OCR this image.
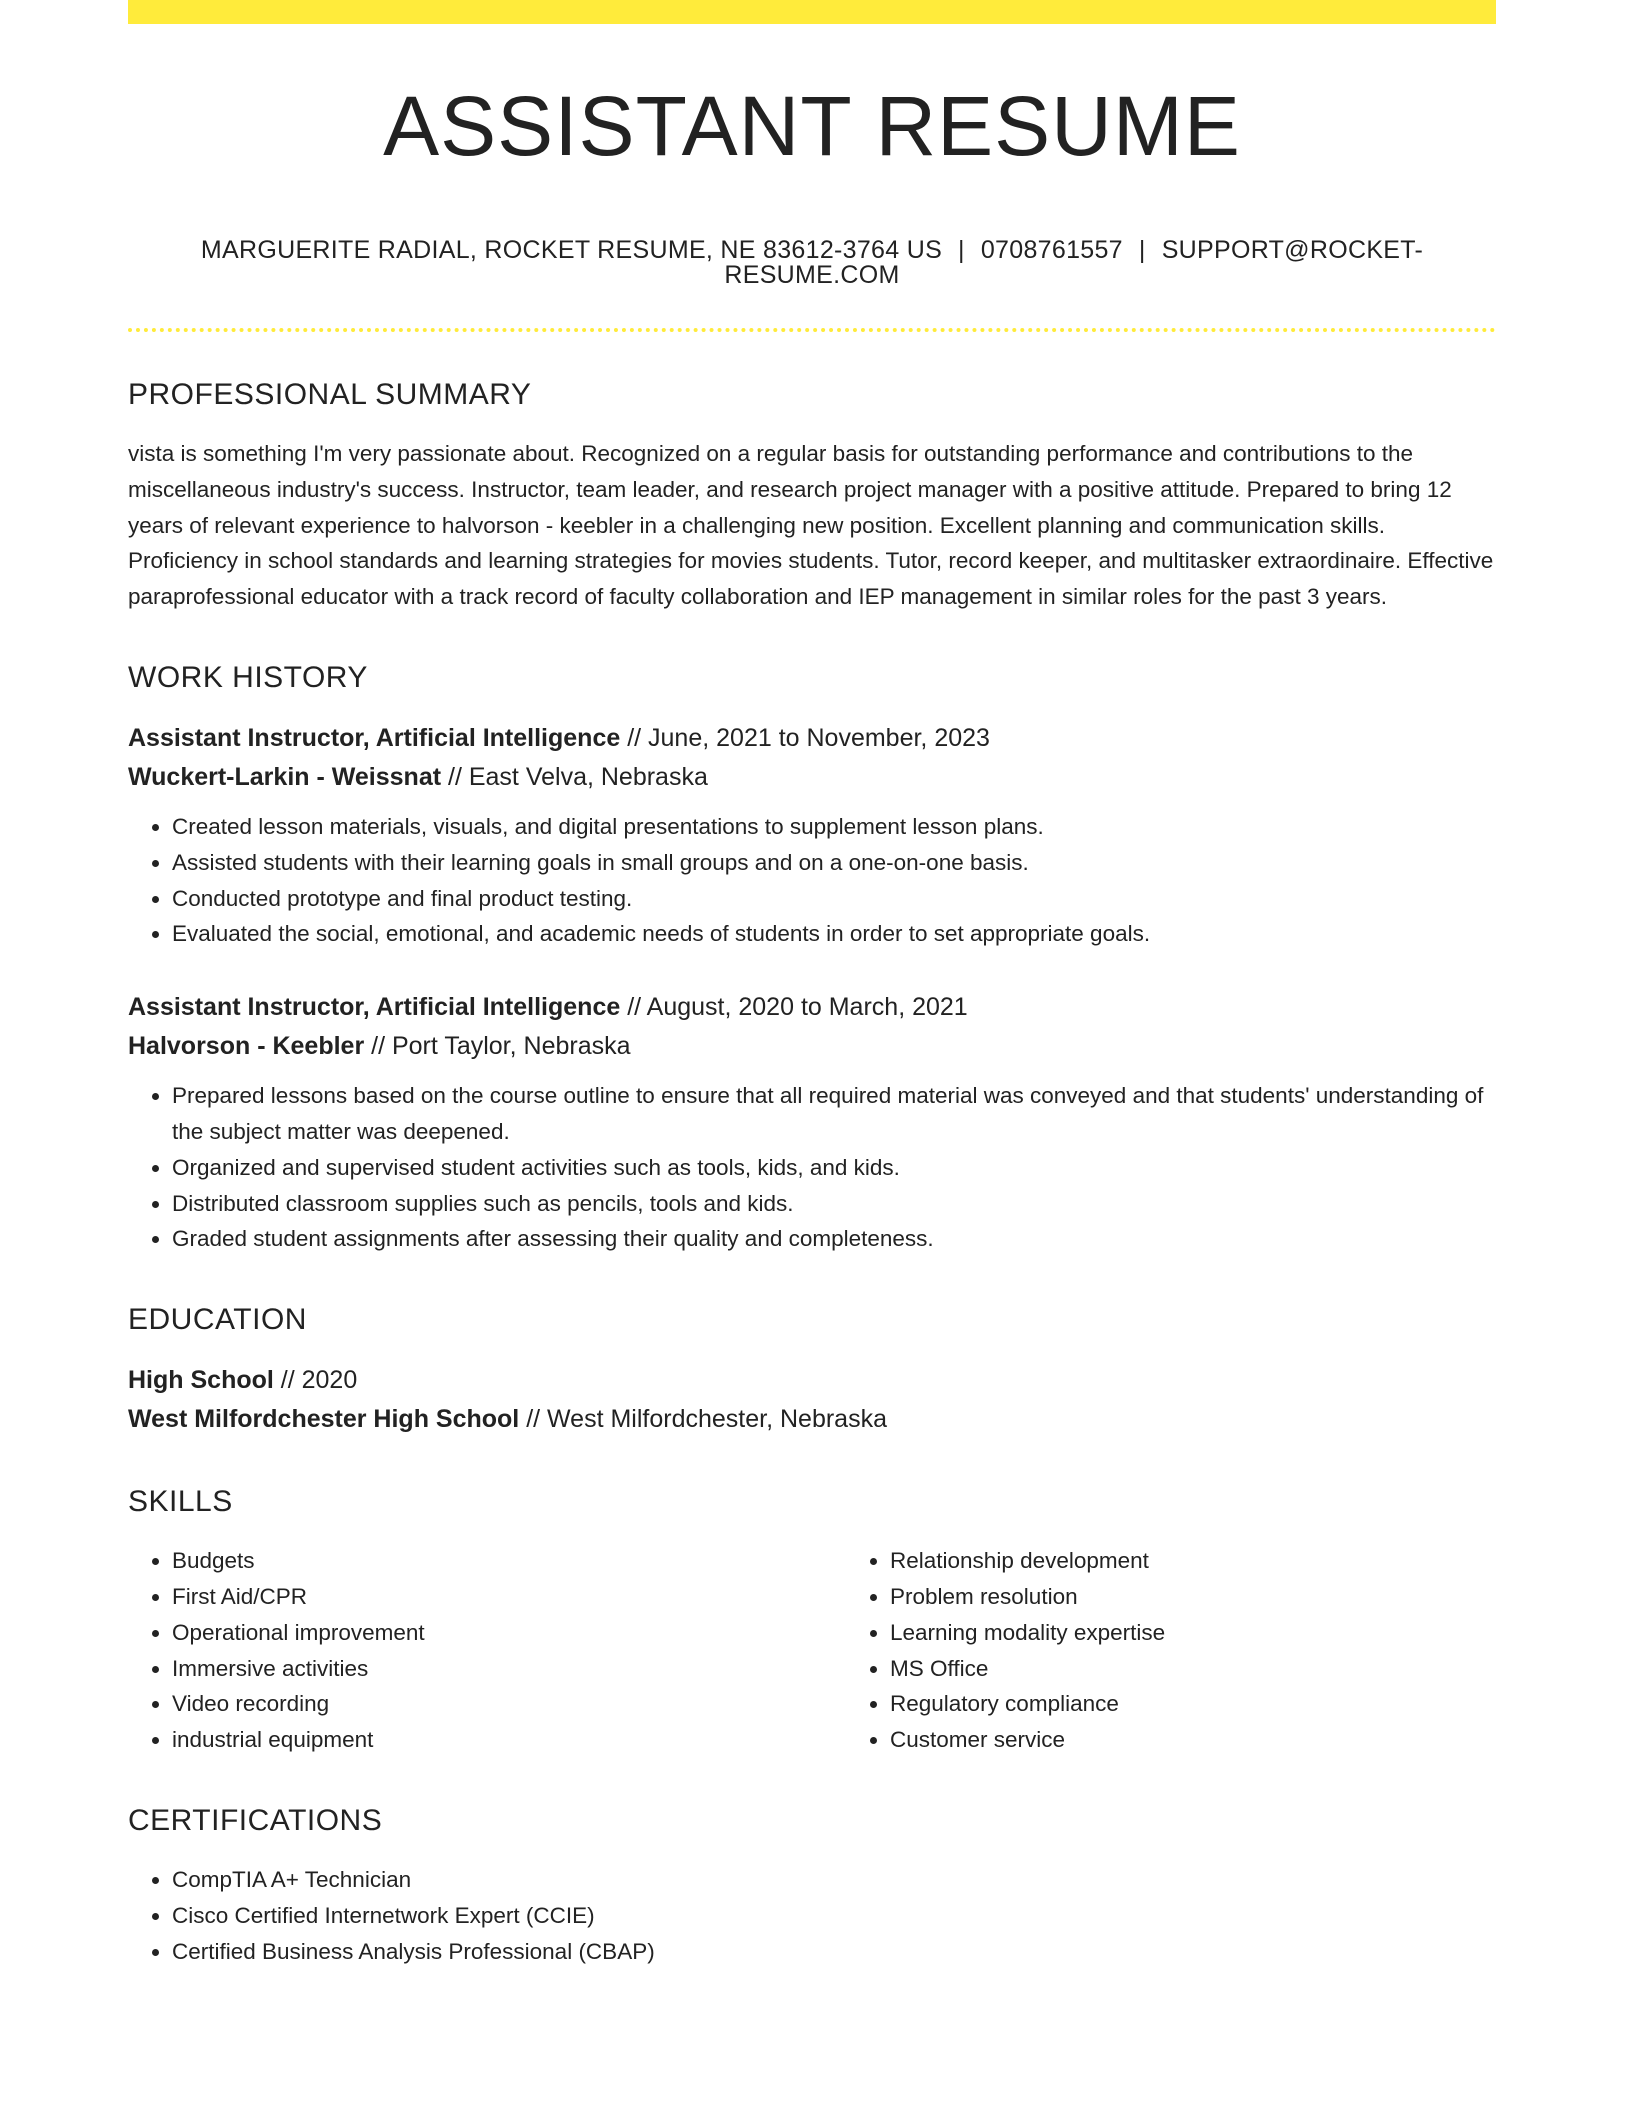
ASSISTANT RESUME
MARGUERITE RADIAL, ROCKET RESUME, NE 83612-3764 US | 0708761557 | SUPPORT@ROCKET-RESUME.COM
PROFESSIONAL SUMMARY

vista is something I'm very passionate about. Recognized on a regular basis for outstanding performance and contributions to the miscellaneous industry's success. Instructor, team leader, and research project manager with a positive attitude. Prepared to bring 12 years of relevant experience to halvorson - keebler in a challenging new position. Excellent planning and communication skills. Proficiency in school standards and learning strategies for movies students. Tutor, record keeper, and multitasker extraordinaire. Effective paraprofessional educator with a track record of faculty collaboration and IEP management in similar roles for the past 3 years.

WORK HISTORY

Assistant Instructor, Artificial Intelligence // June, 2021 to November, 2023

Wuckert-Larkin - Weissnat // East Velva, Nebraska

• Created lesson materials, visuals, and digital presentations to supplement lesson plans.
• Assisted students with their learning goals in small groups and on a one-on-one basis.
• Conducted prototype and final product testing.
• Evaluated the social, emotional, and academic needs of students in order to set appropriate goals.

Assistant Instructor, Artificial Intelligence // August, 2020 to March, 2021

Halvorson - Keebler // Port Taylor, Nebraska

• Prepared lessons based on the course outline to ensure that all required material was conveyed and that students' understanding of the subject matter was deepened.
• Organized and supervised student activities such as tools, kids, and kids.
• Distributed classroom supplies such as pencils, tools and kids.
• Graded student assignments after assessing their quality and completeness.
EDUCATION

High School // 2020

West Milfordchester High School // West Milfordchester, Nebraska

SKILLS
• Budgets
• First Aid/CPR
• Operational improvement
• Immersive activities
• Video recording
• industrial equipment
• Relationship development
• Problem resolution
• Learning modality expertise
• MS Office
• Regulatory compliance
• Customer service
CERTIFICATIONS
• CompTIA A+ Technician
• Cisco Certified Internetwork Expert (CCIE)
• Certified Business Analysis Professional (CBAP)
